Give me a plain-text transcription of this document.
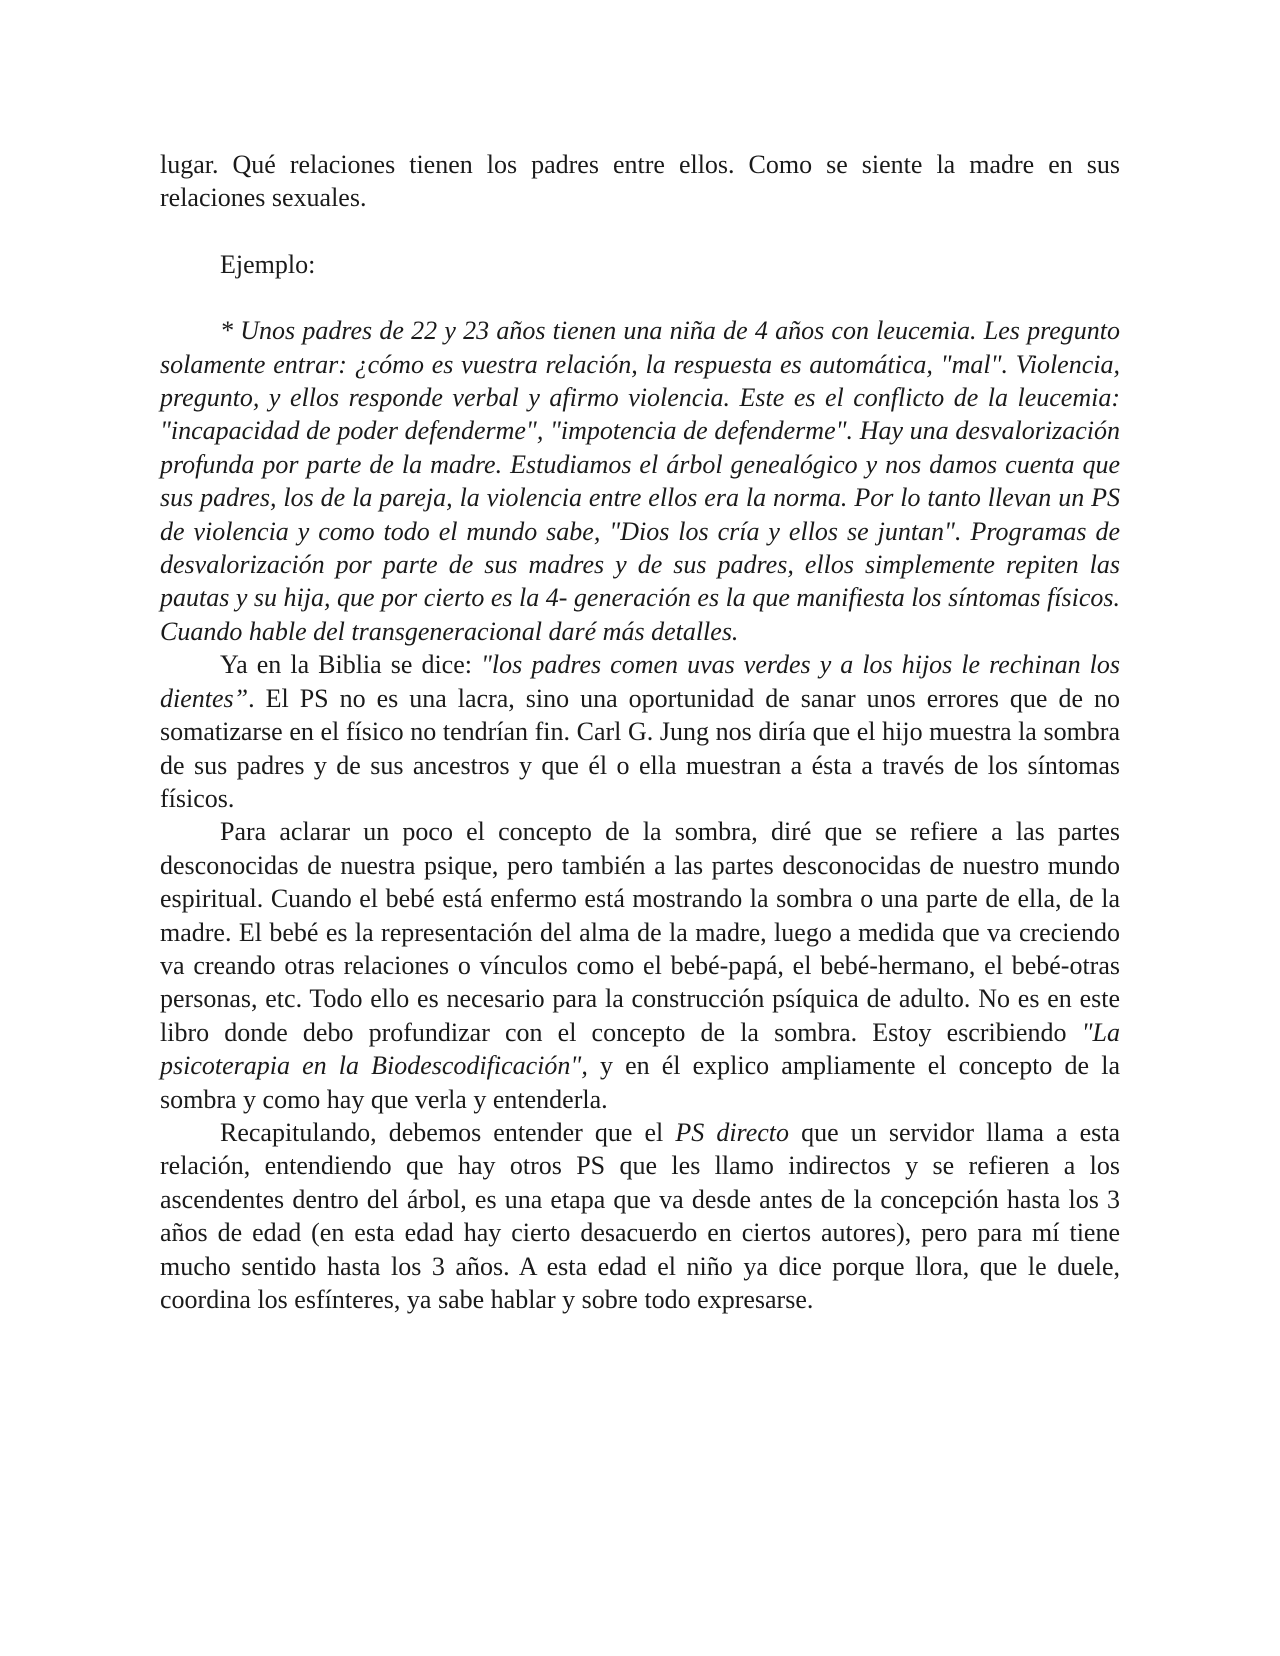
lugar. Qué relaciones tienen los padres entre ellos. Como se siente la madre en sus relaciones sexuales.

Ejemplo:

* Unos padres de 22 y 23 años tienen una niña de 4 años con leucemia. Les pregunto solamente entrar: ¿cómo es vuestra relación, la respuesta es automática, "mal". Violencia, pregunto, y ellos responde verbal y afirmo violencia. Este es el conflicto de la leucemia: "incapacidad de poder defenderme", "impotencia de defenderme". Hay una desvalorización profunda por parte de la madre. Estudiamos el árbol genealógico y nos damos cuenta que sus padres, los de la pareja, la violencia entre ellos era la norma. Por lo tanto llevan un PS de violencia y como todo el mundo sabe, "Dios los cría y ellos se juntan". Programas de desvalorización por parte de sus madres y de sus padres, ellos simplemente repiten las pautas y su hija, que por cierto es la 4- generación es la que manifiesta los síntomas físicos. Cuando hable del transgeneracional daré más detalles.

Ya en la Biblia se dice: "los padres comen uvas verdes y a los hijos le rechinan los dientes”. El PS no es una lacra, sino una oportunidad de sanar unos errores que de no somatizarse en el físico no tendrían fin. Carl G. Jung nos diría que el hijo muestra la sombra de sus padres y de sus ancestros y que él o ella muestran a ésta a través de los síntomas físicos.

Para aclarar un poco el concepto de la sombra, diré que se refiere a las partes desconocidas de nuestra psique, pero también a las partes desconocidas de nuestro mundo espiritual. Cuando el bebé está enfermo está mostrando la sombra o una parte de ella, de la madre. El bebé es la representación del alma de la madre, luego a medida que va creciendo va creando otras relaciones o vínculos como el bebé-papá, el bebé-hermano, el bebé-otras personas, etc. Todo ello es necesario para la construcción psíquica de adulto. No es en este libro donde debo profundizar con el concepto de la sombra. Estoy escribiendo "La psicoterapia en la Biodescodificación", y en él explico ampliamente el concepto de la sombra y como hay que verla y entenderla.

Recapitulando, debemos entender que el PS directo que un servidor llama a esta relación, entendiendo que hay otros PS que les llamo indirectos y se refieren a los ascendentes dentro del árbol, es una etapa que va desde antes de la concepción hasta los 3 años de edad (en esta edad hay cierto desacuerdo en ciertos autores), pero para mí tiene mucho sentido hasta los 3 años. A esta edad el niño ya dice porque llora, que le duele, coordina los esfínteres, ya sabe hablar y sobre todo expresarse.
